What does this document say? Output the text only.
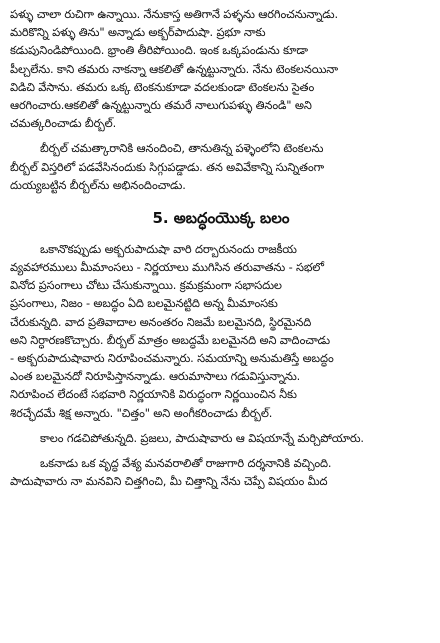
పళ్ళు చాలా రుచిగా ఉన్నాయి. నేనుకాస్త అతిగానే పళ్ళను ఆరగించనున్నాడు.
మరికొన్ని పళ్ళు తిను" అన్నాడు అక్బర్‌పాదుషా. ప్రభూ నాకు
కడుపునిండిపోయింది. భ్రాంతి తీరిపోయింది. ఇంక ఒక్కపండును కూడా
పీల్చలేను. కాని తమరు నాకన్నా ఆకలితో ఉన్నట్టున్నారు. నేను టెంకలనయినా
విడిచి వేసాను. తమరు ఒక్క టెంకనుకూడా వదలకుండా టెంకలను సైతం
ఆరగించారు.ఆకలితో ఉన్నట్టున్నారు తమరే నాలుగుపళ్ళు తినండి" అని
చమత్కరించాడు బీర్బల్.
బీర్బల్ చమత్కారానికి ఆనందించి, తానుతిన్న పళ్ళెంలోని టెంకలను
బీర్బల్ విస్తరిలో పడవేసినందుకు సిగ్గుపడ్డాడు. తన అవివేకాన్ని సున్నితంగా
దుయ్యబట్టిన బీర్బల్‌ను అభినందించాడు.
5. అబద్ధంయొక్క బలం
ఒకానొకప్పుడు అక్బరుపాదుషా వారి దర్బారునందు రాజకీయ
వ్యవహారములు మీమాంసలు - నిర్ణయాలు ముగిసిన తరువాతను - సభలో
వినోద ప్రసంగాలు చోటు చేసుకున్నాయి. క్రమక్రమంగా సభాసదుల
ప్రసంగాలు, నిజం - అబద్ధం ఏది బలమైనట్టిది అన్న మీమాంసకు
చేరుకున్నది. వాద ప్రతివాదాల అనంతరం నిజమే బలమైనది, స్థిరమైనది
అని నిర్ధారణకొచ్చారు. బీర్బల్ మాత్రం అబద్ధమే బలమైనది అని వాదించాడు
- అక్బరుపాదుషావారు నిరూపించమన్నారు. సమయాన్ని అనుమతిస్తే అబద్ధం
ఎంత బలమైనదో నిరూపిస్తానన్నాడు. ఆరుమాసాలు గడువిస్తున్నాను.
నిరూపించ లేదంటే సభవారి నిర్ణయానికి విరుద్ధంగా నిర్ణయించిన నీకు
శిరచ్ఛేదమే శిక్ష అన్నారు. "చిత్తం" అని అంగీకరించాడు బీర్బల్.
కాలం గడచిపోతున్నది. ప్రజలు, పాదుషావారు ఆ విషయాన్నే మర్చిపోయారు.
ఒకనాడు ఒక వృద్ధ వేశ్య మనవరాలితో రాజుగారి దర్శనానికి వచ్చింది.
పాదుషావారు నా మనవిని చిత్తగించి, మీ చిత్తాన్ని నేను చెప్పే విషయం మీద
